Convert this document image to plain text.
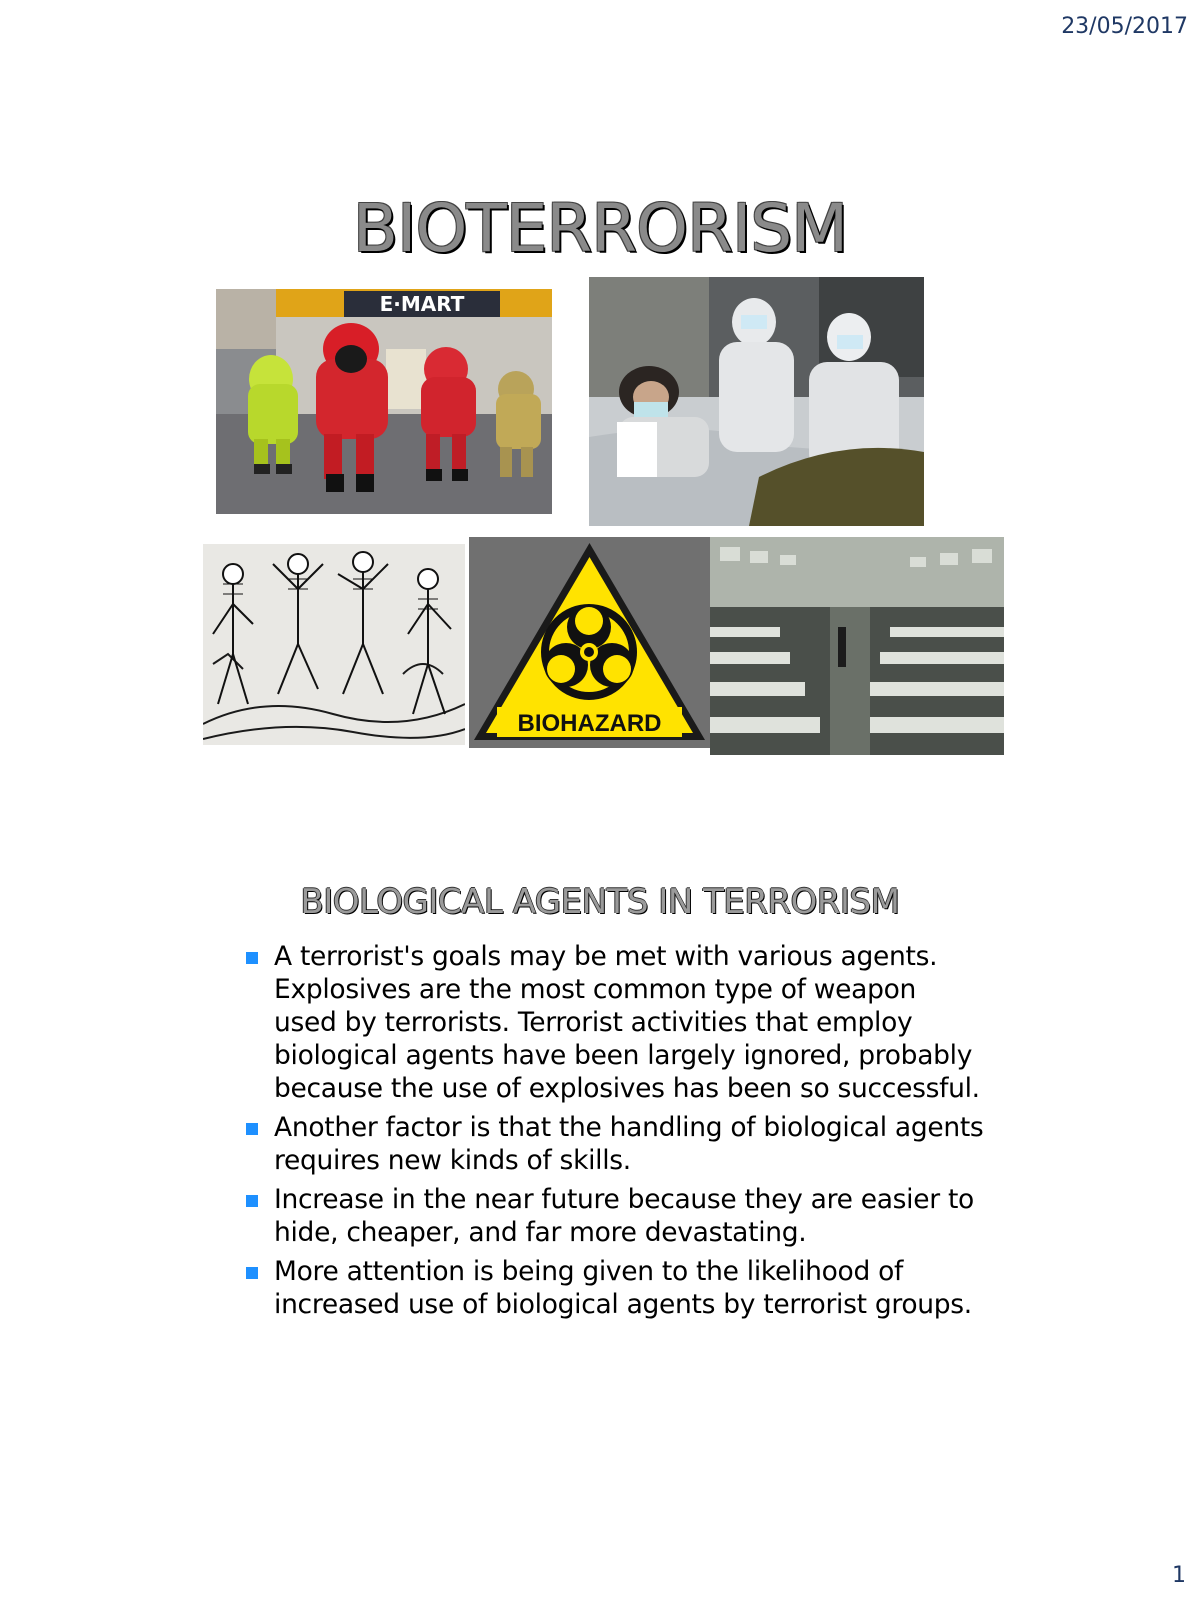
23/05/2017
BIOTERRORISM
E·MART
BIOHAZARD
BIOLOGICAL AGENTS IN TERRORISM
A terrorist's goals may be met with various agents. Explosives are the most common type of weapon used by terrorists. Terrorist activities that employ biological agents have been largely ignored, probably because the use of explosives has been so successful.
Another factor is that the handling of biological agents requires new kinds of skills.
Increase in the near future because they are easier to hide, cheaper, and far more devastating.
More attention is being given to the likelihood of increased use of biological agents by terrorist groups.
1
